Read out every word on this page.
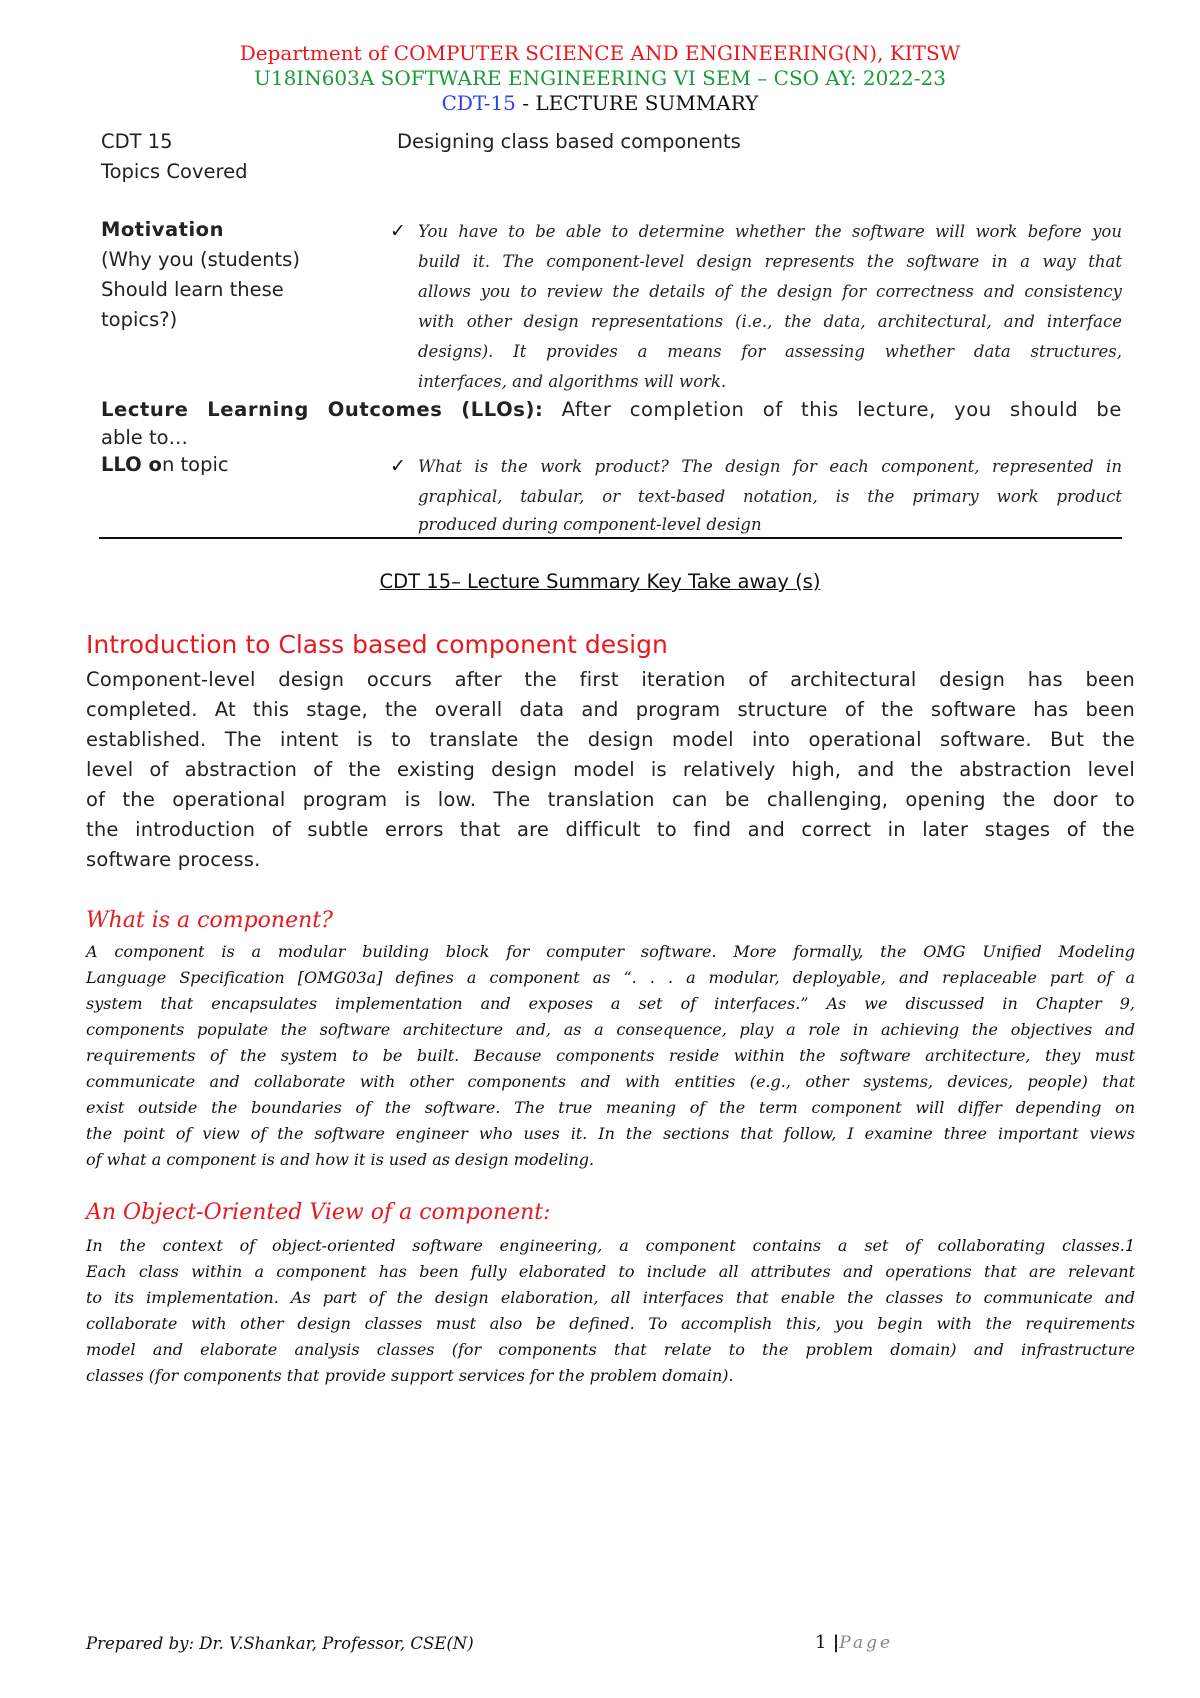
Department of COMPUTER SCIENCE AND ENGINEERING(N), KITSW
U18IN603A SOFTWARE ENGINEERING VI SEM – CSO AY: 2022-23
CDT-15 - LECTURE SUMMARY
CDT 15
Topics Covered
Designing class based components
Motivation
(Why you (students)
Should learn these
topics?)
✓ You have to be able to determine whether the software will work before you
build it. The component-level design represents the software in a way that
allows you to review the details of the design for correctness and consistency
with other design representations (i.e., the data, architectural, and interface
designs). It provides a means for assessing whether data structures,
interfaces, and algorithms will work.
Lecture Learning Outcomes (LLOs): After completion of this lecture, you should be
able to…
LLO on topic	✓ What is the work product? The design for each component, represented in
graphical, tabular, or text-based notation, is the primary work product
produced during component-level design
CDT 15– Lecture Summary Key Take away (s)
Introduction to Class based component design
Component-level design occurs after the first iteration of architectural design has been
completed. At this stage, the overall data and program structure of the software has been
established. The intent is to translate the design model into operational software. But the
level of abstraction of the existing design model is relatively high, and the abstraction level
of the operational program is low. The translation can be challenging, opening the door to
the introduction of subtle errors that are difficult to find and correct in later stages of the
software process.
What is a component?
A component is a modular building block for computer software. More formally, the OMG Unified Modeling
Language Specification [OMG03a] defines a component as “. . . a modular, deployable, and replaceable part of a
system that encapsulates implementation and exposes a set of interfaces.” As we discussed in Chapter 9,
components populate the software architecture and, as a consequence, play a role in achieving the objectives and
requirements of the system to be built. Because components reside within the software architecture, they must
communicate and collaborate with other components and with entities (e.g., other systems, devices, people) that
exist outside the boundaries of the software. The true meaning of the term component will differ depending on
the point of view of the software engineer who uses it. In the sections that follow, I examine three important views
of what a component is and how it is used as design modeling.
An Object-Oriented View of a component:
In the context of object-oriented software engineering, a component contains a set of collaborating classes.1
Each class within a component has been fully elaborated to include all attributes and operations that are relevant
to its implementation. As part of the design elaboration, all interfaces that enable the classes to communicate and
collaborate with other design classes must also be defined. To accomplish this, you begin with the requirements
model and elaborate analysis classes (for components that relate to the problem domain) and infrastructure
classes (for components that provide support services for the problem domain).
Prepared by: Dr. V.Shankar, Professor, CSE(N)	1 |Page
